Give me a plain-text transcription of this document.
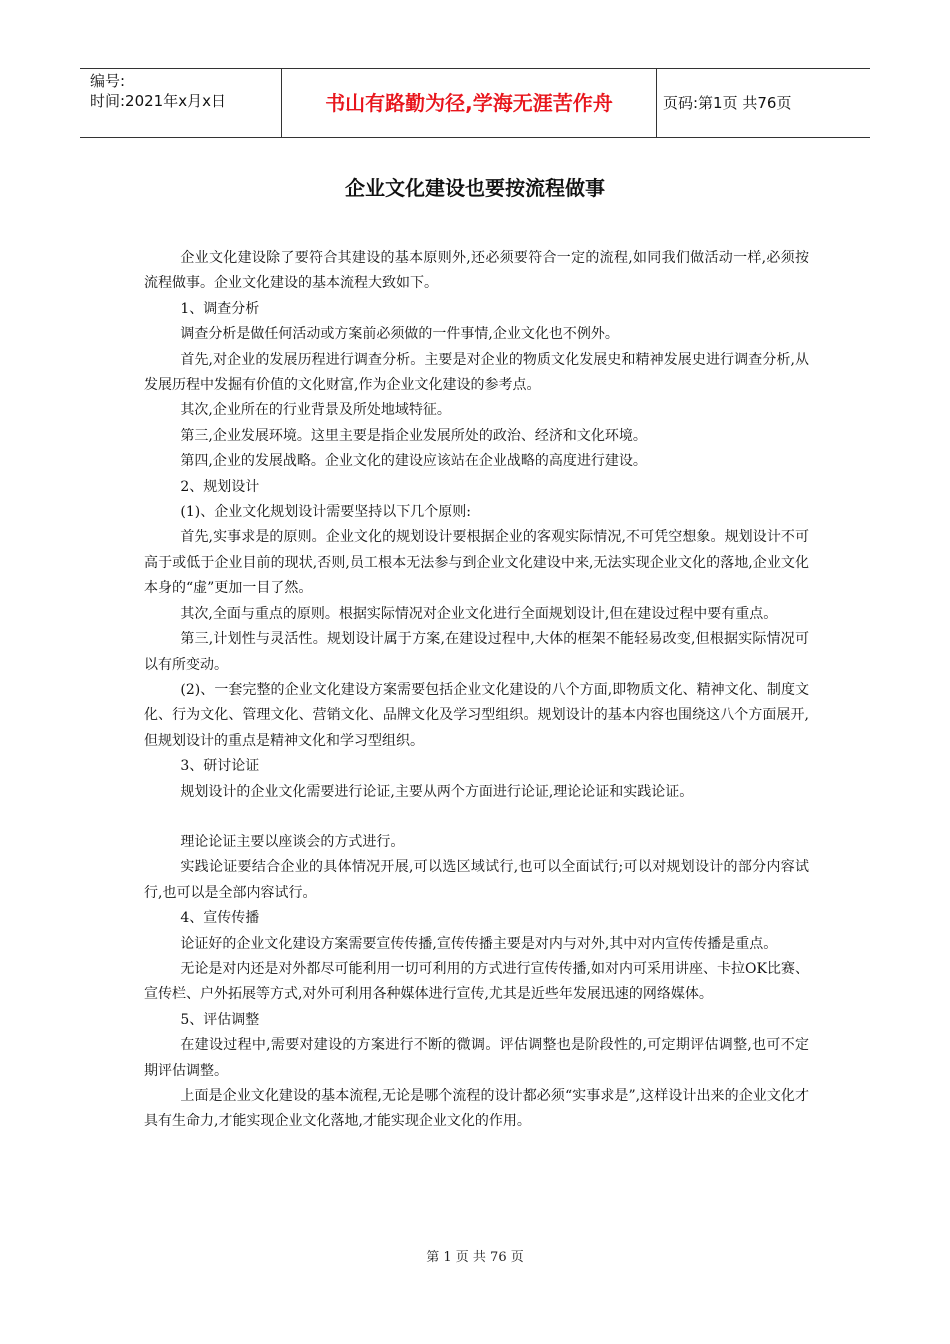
编号:
时间:2021年x月x日	书山有路勤为径,学海无涯苦作舟	页码:第1页 共76页
企业文化建设也要按流程做事

企业文化建设除了要符合其建设的基本原则外,还必须要符合一定的流程,如同我们做活动一样,必须按流程做事。企业文化建设的基本流程大致如下。

1、调查分析

调查分析是做任何活动或方案前必须做的一件事情,企业文化也不例外。

首先,对企业的发展历程进行调查分析。主要是对企业的物质文化发展史和精神发展史进行调查分析,从发展历程中发掘有价值的文化财富,作为企业文化建设的参考点。

其次,企业所在的行业背景及所处地域特征。

第三,企业发展环境。这里主要是指企业发展所处的政治、经济和文化环境。

第四,企业的发展战略。企业文化的建设应该站在企业战略的高度进行建设。

2、规划设计

(1)、企业文化规划设计需要坚持以下几个原则:

首先,实事求是的原则。企业文化的规划设计要根据企业的客观实际情况,不可凭空想象。规划设计不可高于或低于企业目前的现状,否则,员工根本无法参与到企业文化建设中来,无法实现企业文化的落地,企业文化本身的“虚”更加一目了然。

其次,全面与重点的原则。根据实际情况对企业文化进行全面规划设计,但在建设过程中要有重点。

第三,计划性与灵活性。规划设计属于方案,在建设过程中,大体的框架不能轻易改变,但根据实际情况可以有所变动。

(2)、一套完整的企业文化建设方案需要包括企业文化建设的八个方面,即物质文化、精神文化、制度文化、行为文化、管理文化、营销文化、品牌文化及学习型组织。规划设计的基本内容也围绕这八个方面展开,但规划设计的重点是精神文化和学习型组织。

3、研讨论证

规划设计的企业文化需要进行论证,主要从两个方面进行论证,理论论证和实践论证。

理论论证主要以座谈会的方式进行。

实践论证要结合企业的具体情况开展,可以选区域试行,也可以全面试行;可以对规划设计的部分内容试行,也可以是全部内容试行。

4、宣传传播

论证好的企业文化建设方案需要宣传传播,宣传传播主要是对内与对外,其中对内宣传传播是重点。

无论是对内还是对外都尽可能利用一切可利用的方式进行宣传传播,如对内可采用讲座、卡拉OK比赛、宣传栏、户外拓展等方式,对外可利用各种媒体进行宣传,尤其是近些年发展迅速的网络媒体。

5、评估调整

在建设过程中,需要对建设的方案进行不断的微调。评估调整也是阶段性的,可定期评估调整,也可不定期评估调整。

上面是企业文化建设的基本流程,无论是哪个流程的设计都必须“实事求是”,这样设计出来的企业文化才具有生命力,才能实现企业文化落地,才能实现企业文化的作用。

第 1 页 共 76 页
